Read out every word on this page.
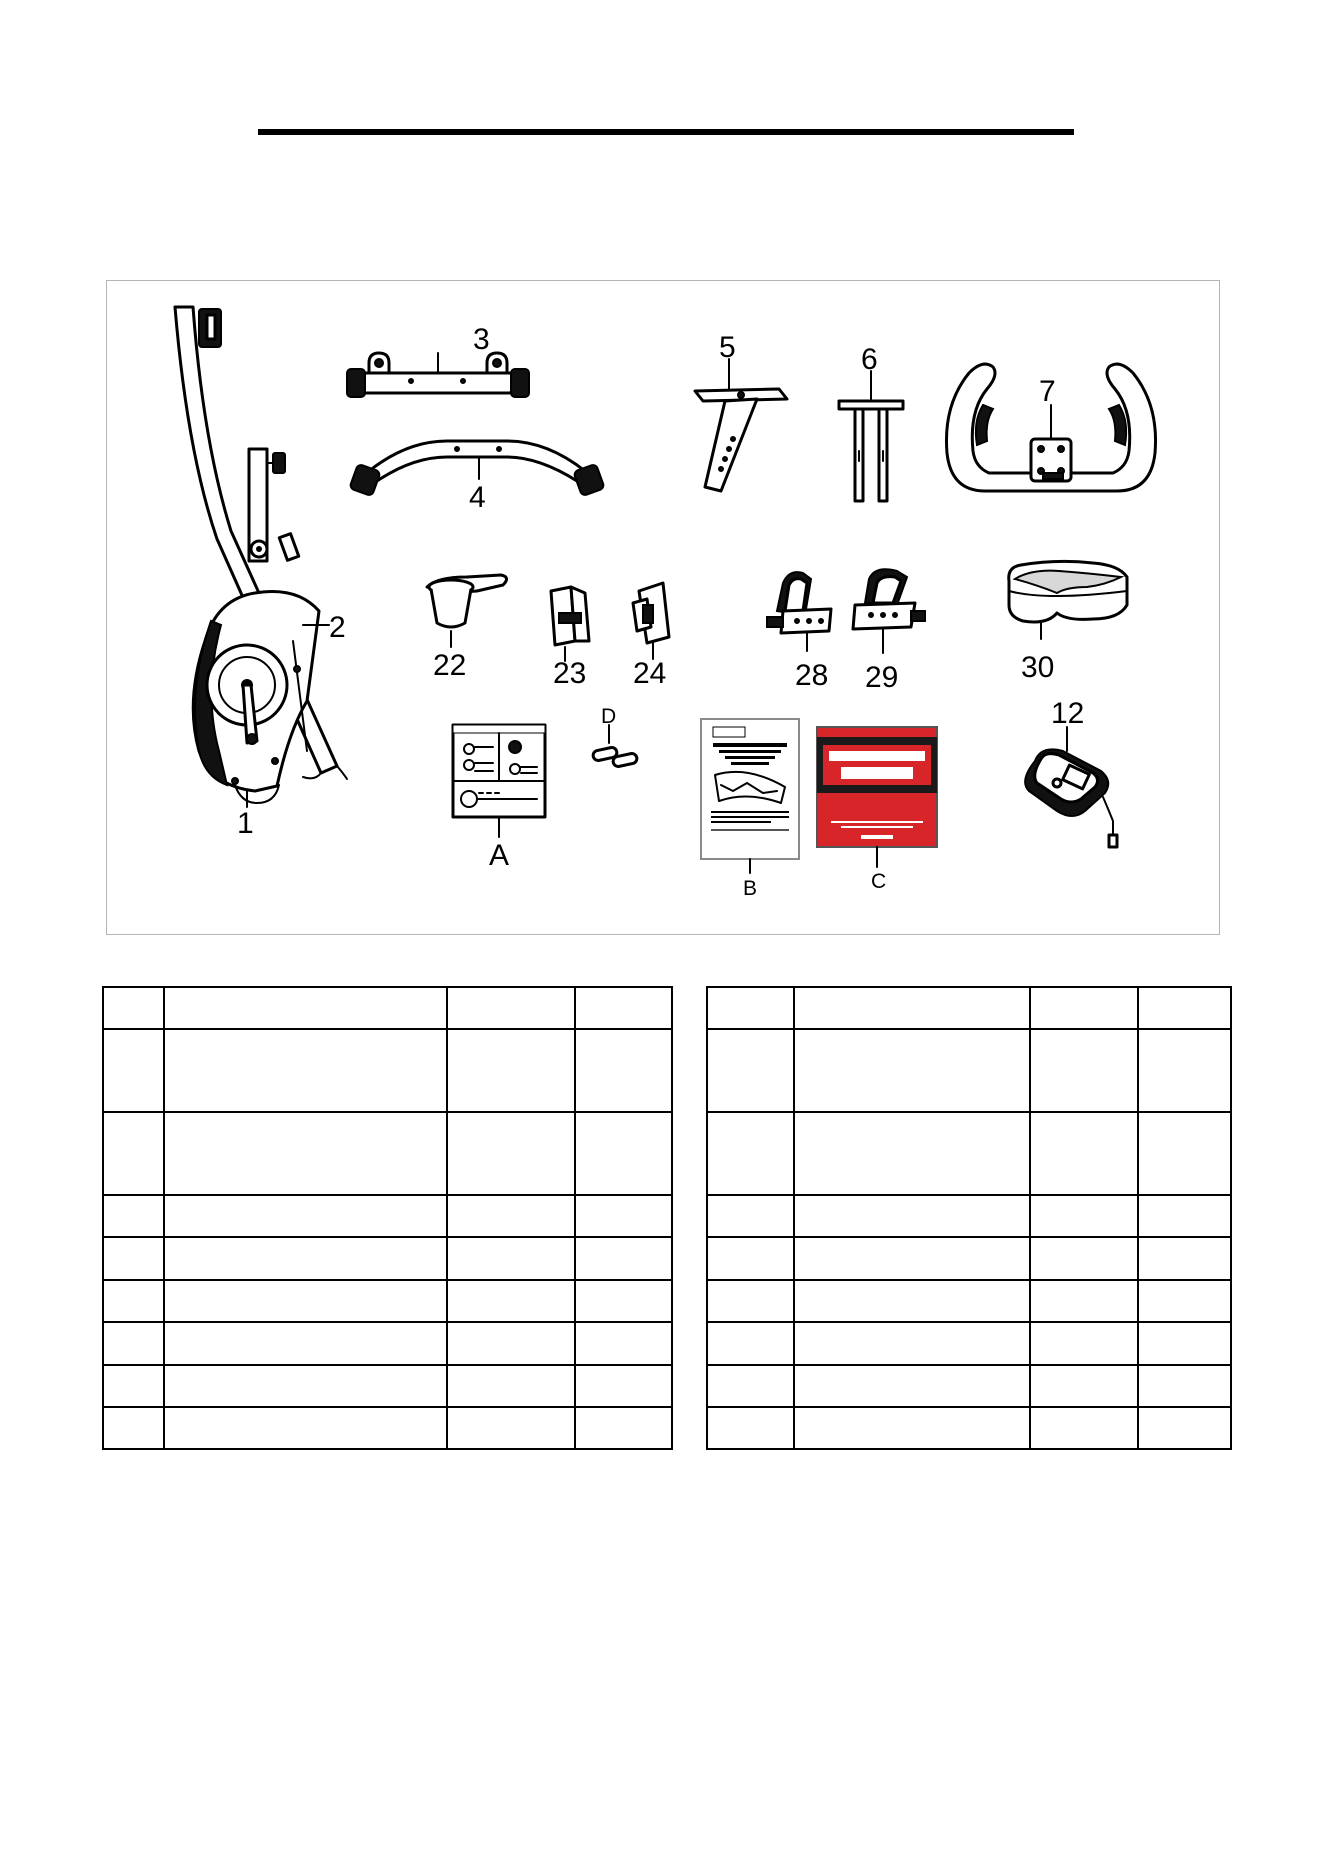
2
1
3
4
5	6
7
22	23 24	28 29	30
12
A
D
B	C
